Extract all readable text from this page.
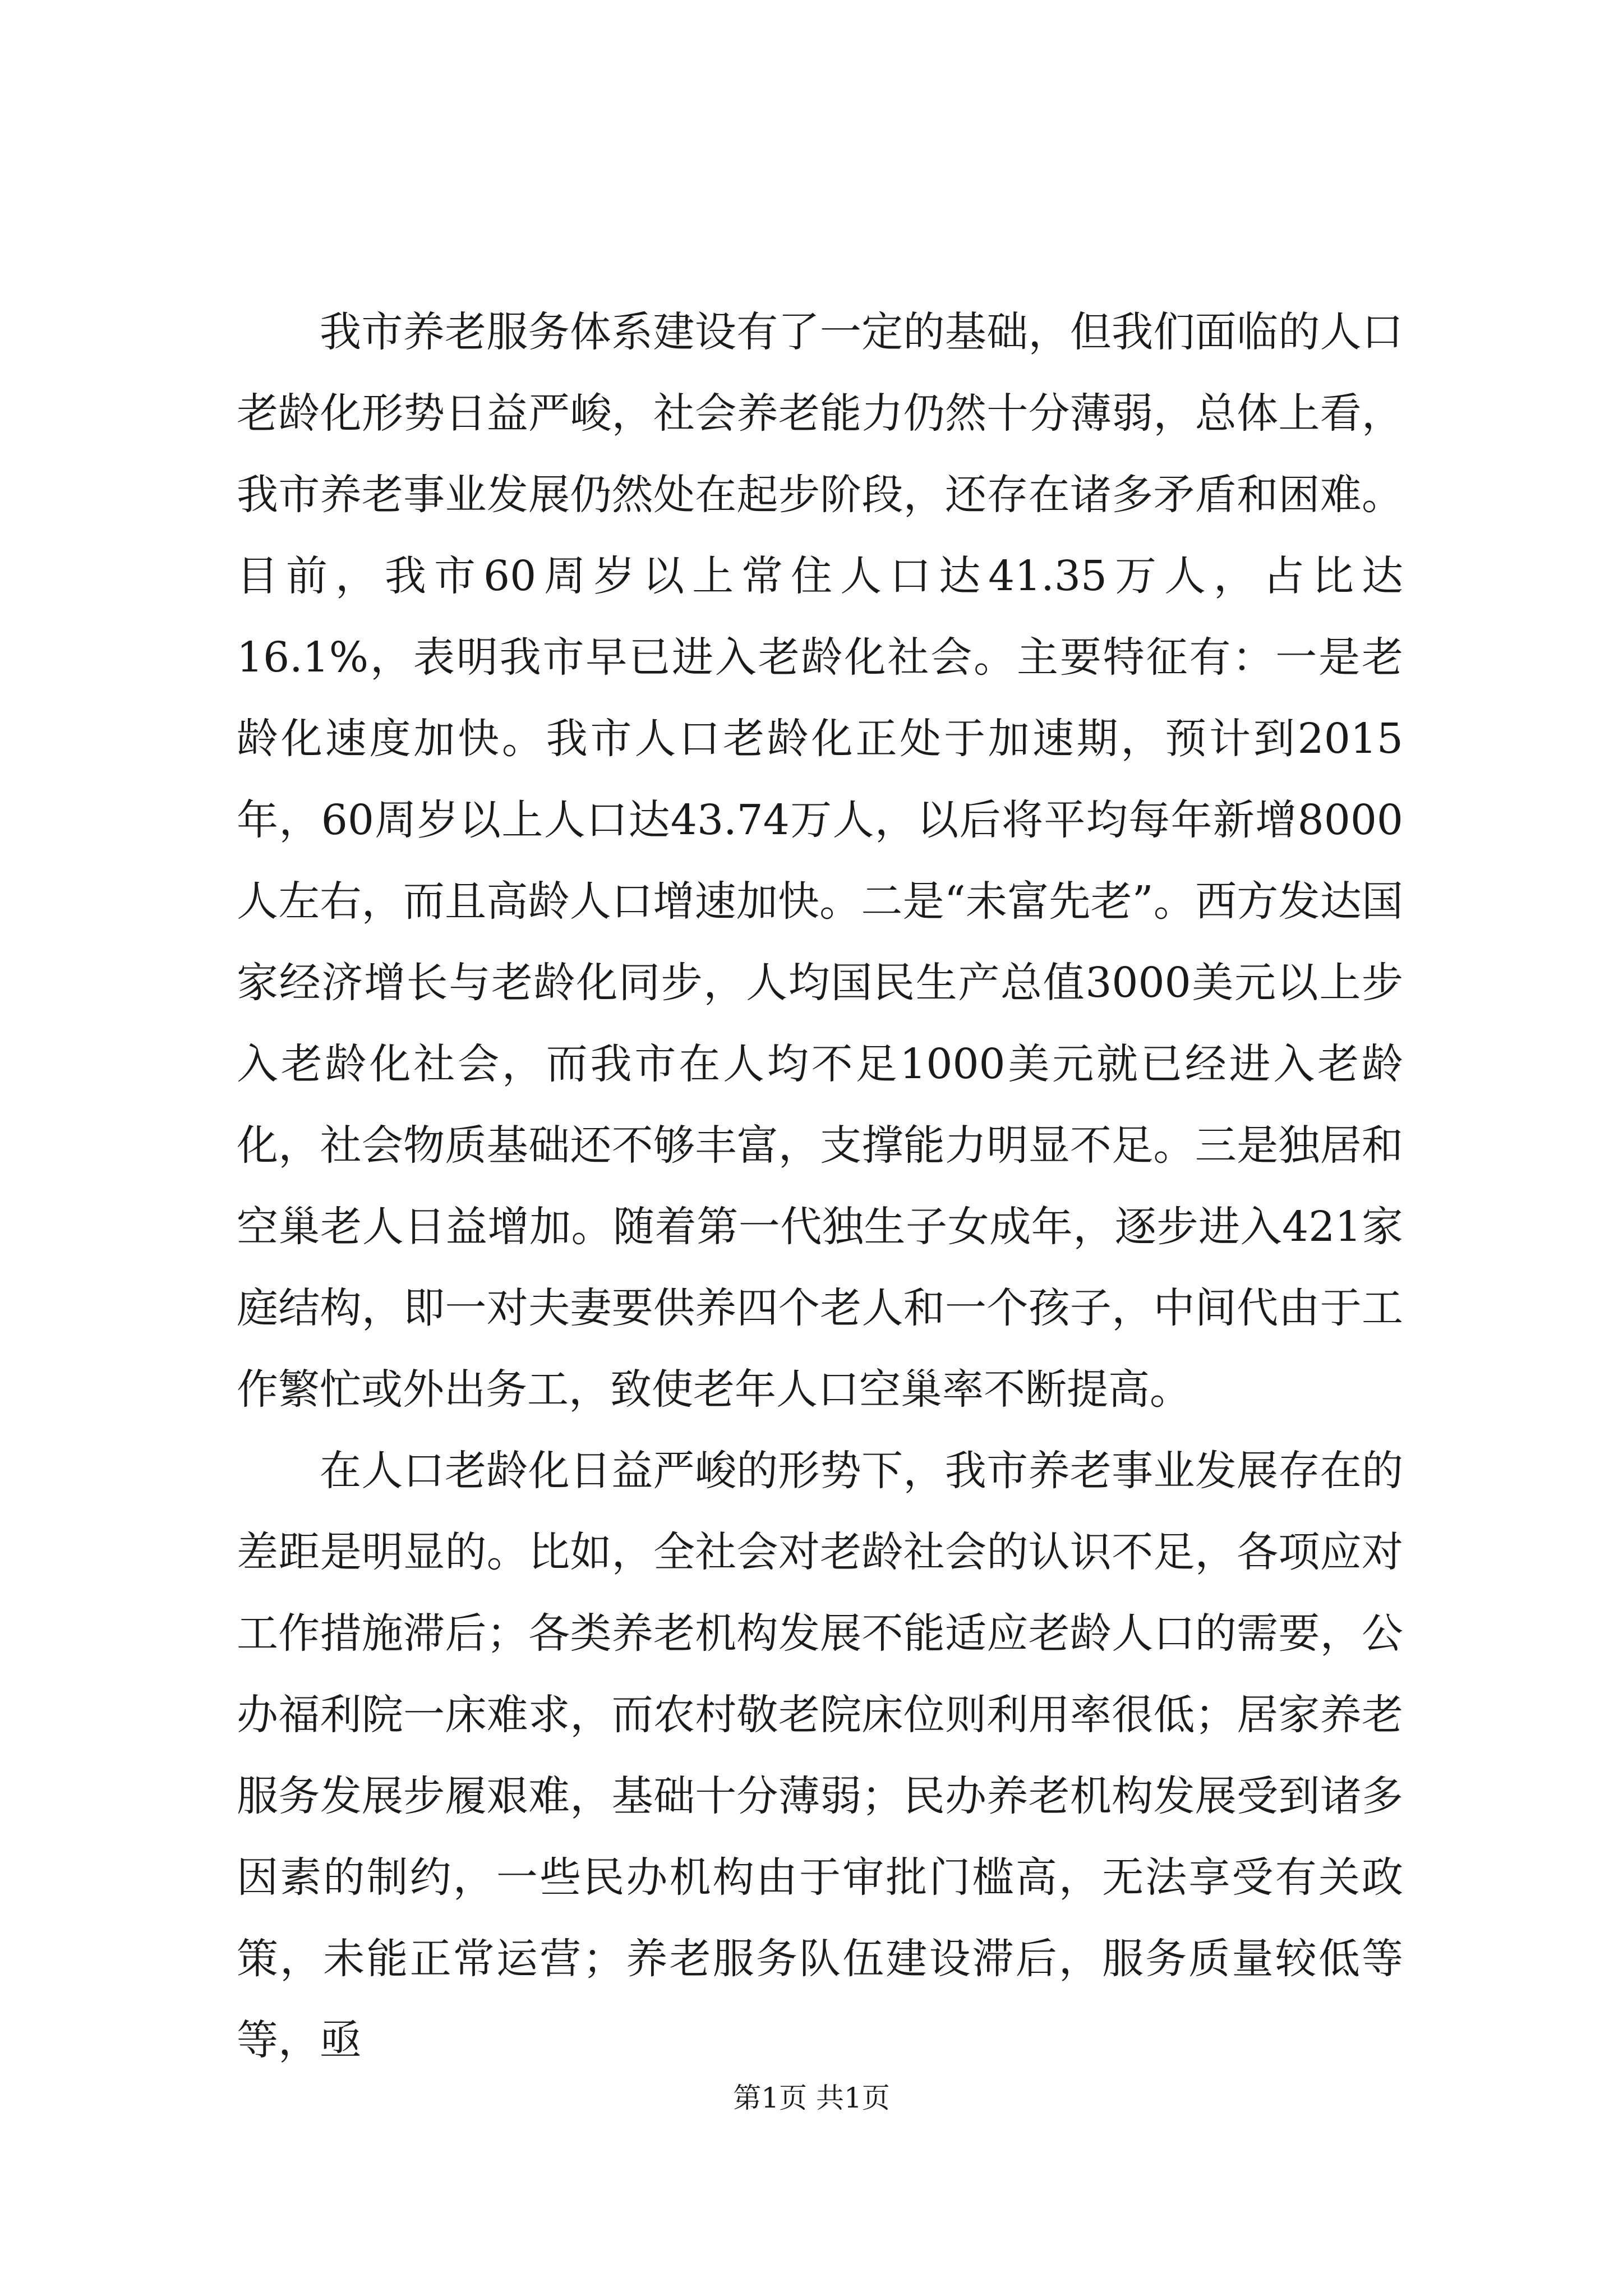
我市养老服务体系建设有了一定的基础，但我们面临的人口老龄化形势日益严峻，社会养老能力仍然十分薄弱，总体上看，我市养老事业发展仍然处在起步阶段，还存在诸多矛盾和困难。目前，我市60周岁以上常住人口达41.35万人，占比达16.1%，表明我市早已进入老龄化社会。主要特征有：一是老龄化速度加快。我市人口老龄化正处于加速期，预计到2015年，60周岁以上人口达43.74万人，以后将平均每年新增8000人左右，而且高龄人口增速加快。二是“未富先老”。西方发达国家经济增长与老龄化同步，人均国民生产总值3000美元以上步入老龄化社会，而我市在人均不足1000美元就已经进入老龄化，社会物质基础还不够丰富，支撑能力明显不足。三是独居和空巢老人日益增加。随着第一代独生子女成年，逐步进入421家庭结构，即一对夫妻要供养四个老人和一个孩子，中间代由于工作繁忙或外出务工，致使老年人口空巢率不断提高。

在人口老龄化日益严峻的形势下，我市养老事业发展存在的差距是明显的。比如，全社会对老龄社会的认识不足，各项应对工作措施滞后；各类养老机构发展不能适应老龄人口的需要，公办福利院一床难求，而农村敬老院床位则利用率很低；居家养老服务发展步履艰难，基础十分薄弱；民办养老机构发展受到诸多因素的制约，一些民办机构由于审批门槛高，无法享受有关政策，未能正常运营；养老服务队伍建设滞后，服务质量较低等等，亟

第1页 共1页
